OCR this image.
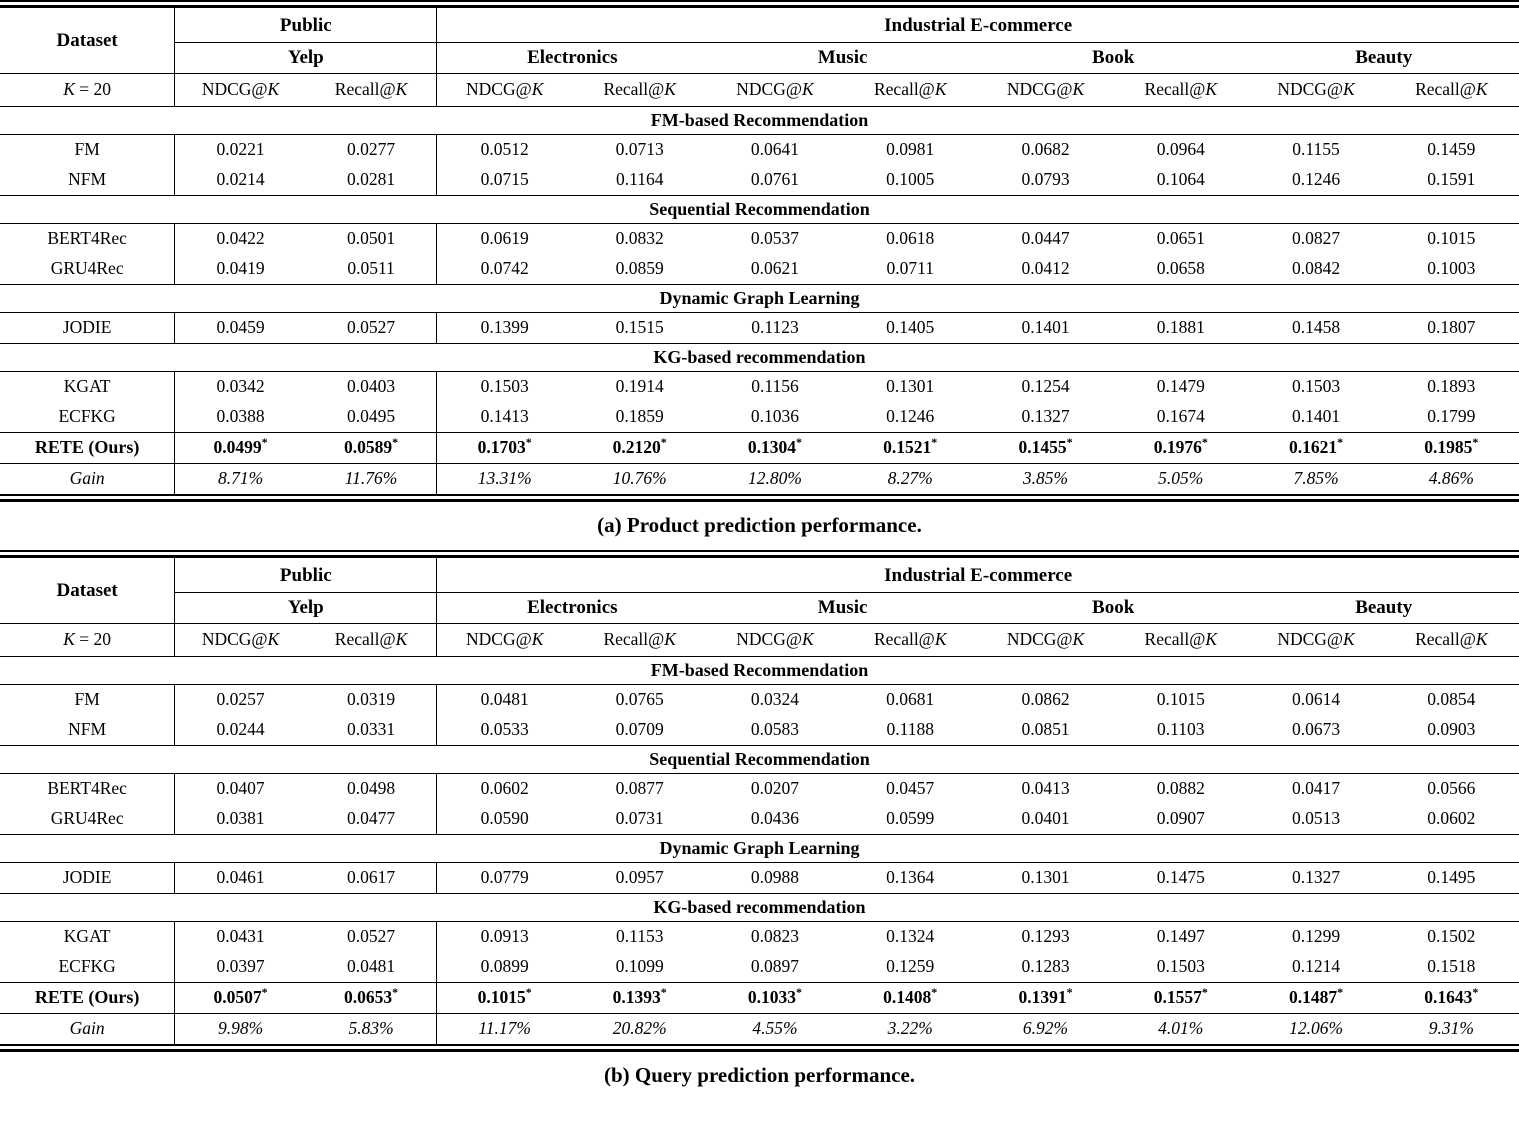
Dataset	Public		Industrial E-commerce							
	Yelp		Electronics		Music		Book		Beauty	
K = 20	NDCG@K	Recall@K	NDCG@K	Recall@K	NDCG@K	Recall@K	NDCG@K	Recall@K	NDCG@K	Recall@K
FM-based Recommendation										
FM	0.0221	0.0277	0.0512	0.0713	0.0641	0.0981	0.0682	0.0964	0.1155	0.1459
NFM	0.0214	0.0281	0.0715	0.1164	0.0761	0.1005	0.0793	0.1064	0.1246	0.1591
Sequential Recommendation										
BERT4Rec	0.0422	0.0501	0.0619	0.0832	0.0537	0.0618	0.0447	0.0651	0.0827	0.1015
GRU4Rec	0.0419	0.0511	0.0742	0.0859	0.0621	0.0711	0.0412	0.0658	0.0842	0.1003
Dynamic Graph Learning										
JODIE	0.0459	0.0527	0.1399	0.1515	0.1123	0.1405	0.1401	0.1881	0.1458	0.1807
KG-based recommendation										
KGAT	0.0342	0.0403	0.1503	0.1914	0.1156	0.1301	0.1254	0.1479	0.1503	0.1893
ECFKG	0.0388	0.0495	0.1413	0.1859	0.1036	0.1246	0.1327	0.1674	0.1401	0.1799
RETE (Ours)	0.0499*	0.0589*	0.1703*	0.2120*	0.1304*	0.1521*	0.1455*	0.1976*	0.1621*	0.1985*
Gain	8.71%	11.76%	13.31%	10.76%	12.80%	8.27%	3.85%	5.05%	7.85%	4.86%
(a) Product prediction performance.
Dataset	Public		Industrial E-commerce							
	Yelp		Electronics		Music		Book		Beauty	
K = 20	NDCG@K	Recall@K	NDCG@K	Recall@K	NDCG@K	Recall@K	NDCG@K	Recall@K	NDCG@K	Recall@K
FM-based Recommendation										
FM	0.0257	0.0319	0.0481	0.0765	0.0324	0.0681	0.0862	0.1015	0.0614	0.0854
NFM	0.0244	0.0331	0.0533	0.0709	0.0583	0.1188	0.0851	0.1103	0.0673	0.0903
Sequential Recommendation										
BERT4Rec	0.0407	0.0498	0.0602	0.0877	0.0207	0.0457	0.0413	0.0882	0.0417	0.0566
GRU4Rec	0.0381	0.0477	0.0590	0.0731	0.0436	0.0599	0.0401	0.0907	0.0513	0.0602
Dynamic Graph Learning										
JODIE	0.0461	0.0617	0.0779	0.0957	0.0988	0.1364	0.1301	0.1475	0.1327	0.1495
KG-based recommendation										
KGAT	0.0431	0.0527	0.0913	0.1153	0.0823	0.1324	0.1293	0.1497	0.1299	0.1502
ECFKG	0.0397	0.0481	0.0899	0.1099	0.0897	0.1259	0.1283	0.1503	0.1214	0.1518
RETE (Ours)	0.0507*	0.0653*	0.1015*	0.1393*	0.1033*	0.1408*	0.1391*	0.1557*	0.1487*	0.1643*
Gain	9.98%	5.83%	11.17%	20.82%	4.55%	3.22%	6.92%	4.01%	12.06%	9.31%
(b) Query prediction performance.
